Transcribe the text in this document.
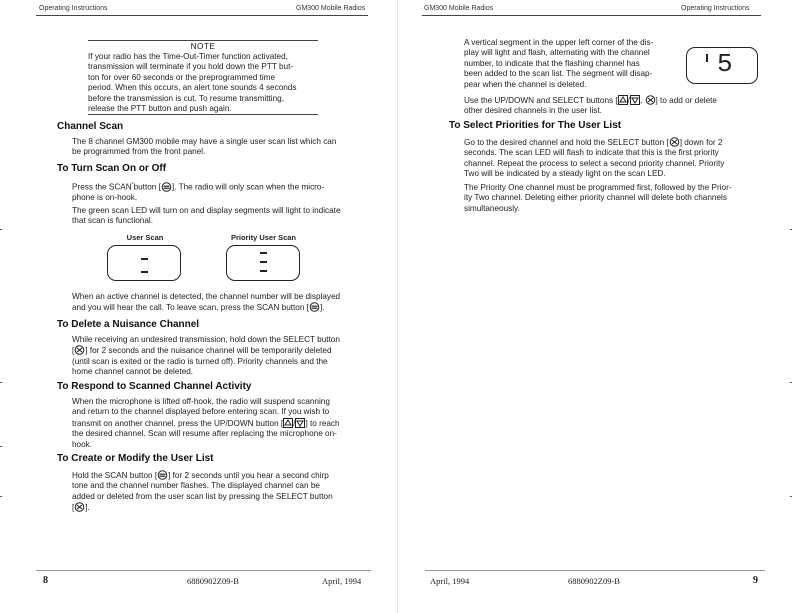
Operating Instructions	GM300 Mobile Radios
NOTE

If your radio has the Time-Out-Timer function activated,

transmission will terminate if you hold down the PTT but-

ton for over 60 seconds or the preprogrammed time

period. When this occurs, an alert tone sounds 4 seconds

before the transmission is cut. To resume transmitting,

release the PTT button and push again.

Channel Scan

The 8 channel GM300 mobile may have a single user scan list which can

be programmed from the front panel.

To Turn Scan On or Off

Press the SCAN*button [ ]. The radio will only scan when the micro-

phone is on-hook.

The green scan LED will turn on and display segments will light to indicate

that scan is functional.

User Scan	Priority User Scan

When an active channel is detected, the channel number will be displayed

and you will hear the call. To leave scan, press the SCAN button [ ].

To Delete a Nuisance Channel

While receiving an undesired transmission, hold down the SELECT button

[ ] for 2 seconds and the nuisance channel will be temporarily deleted

(until scan is exited or the radio is turned off). Priority channels and the

home channel cannot be deleted.

To Respond to Scanned Channel Activity

When the microphone is lifted off-hook, the radio will suspend scanning

and return to the channel displayed before entering scan. If you wish to

transmit on another channel, press the UP/DOWN button [ / ] to reach

the desired channel. Scan will resume after replacing the microphone on-

hook.

To Create or Modify the User List

Hold the SCAN button [ ] for 2 seconds until you hear a second chirp

tone and the channel number flashes. The displayed channel can be

added or deleted from the user scan list by pressing the SELECT button

[ ].

8	6880902Z09-B	April, 1994
GM300 Mobile Radios	Operating Instructions

A vertical segment in the upper left corner of the dis-

play will light and flash, alternating with the channel

number, to indicate that the flashing channel has

been added to the scan list. The segment will disap-

pear when the channel is deleted.

5

Use the UP/DOWN and SELECT buttons [ / , ] to add or delete

other desired channels in the user list.

To Select Priorities for The User List

Go to the desired channel and hold the SELECT button [ ] down for 2

seconds. The scan LED will flash to indicate that this is the first priority

channel. Repeat the process to select a second priority channel. Priority

Two will be indicated by a steady light on the scan LED.

The Priority One channel must be programmed first, followed by the Prior-

ity Two channel. Deleting either priority channel will delete both channels

simultaneously.

April, 1994	6880902Z09-B	9
